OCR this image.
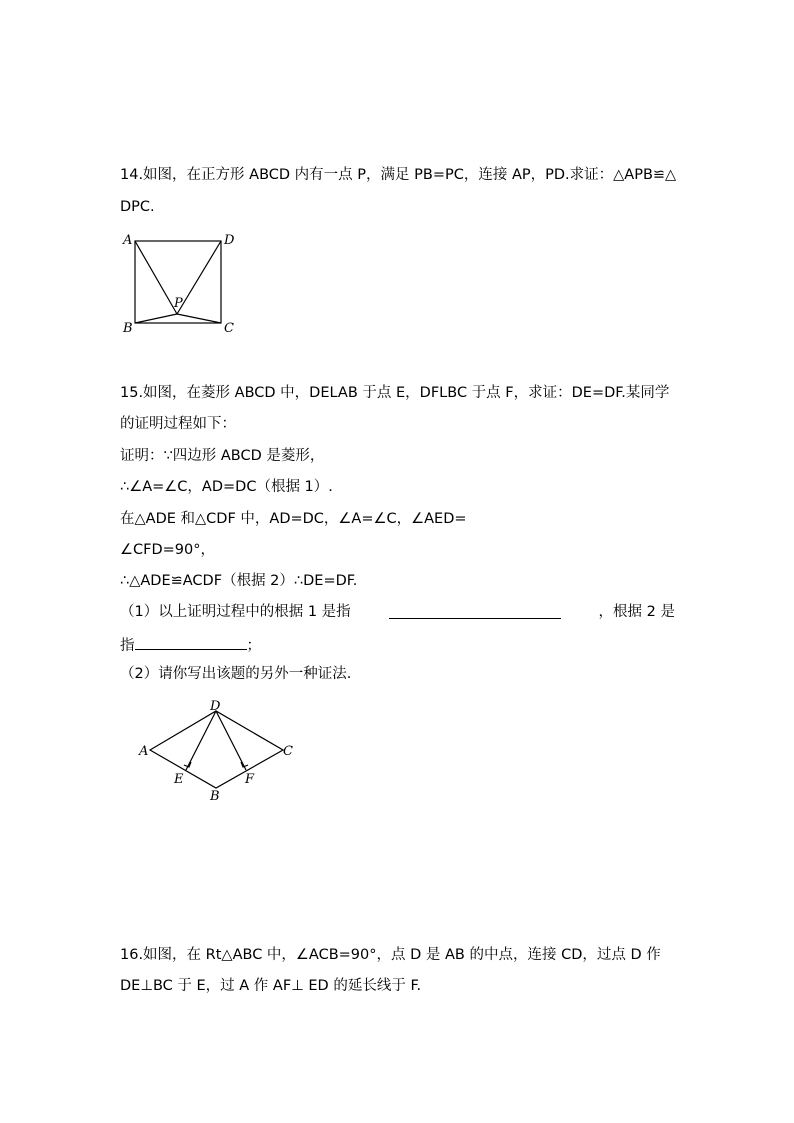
14.如图，在正方形 ABCD 内有一点 P，满足 PB=PC，连接 AP，PD.求证：△APB≌△
DPC.
A	D
P
B	C
15.如图，在菱形 ABCD 中，DELAB 于点 E，DFLBC 于点 F，求证：DE=DF.某同学
的证明过程如下：
证明：∵四边形 ABCD 是菱形，
∴∠A=∠C，AD=DC（根据 1）.
在△ADE 和△CDF 中，AD=DC，∠A=∠C，∠AED=
∠CFD=90°，
∴△ADE≌ACDF（根据 2）∴DE=DF.
（1）以上证明过程中的根据 1 是指	，根据 2 是
指	；
（2）请你写出该题的另外一种证法.
D
A	C
E	F
B
16.如图，在 Rt△ABC 中，∠ACB=90°，点 D 是 AB 的中点，连接 CD，过点 D 作
DE⊥BC 于 E，过 A 作 AF⊥ ED 的延长线于 F.
